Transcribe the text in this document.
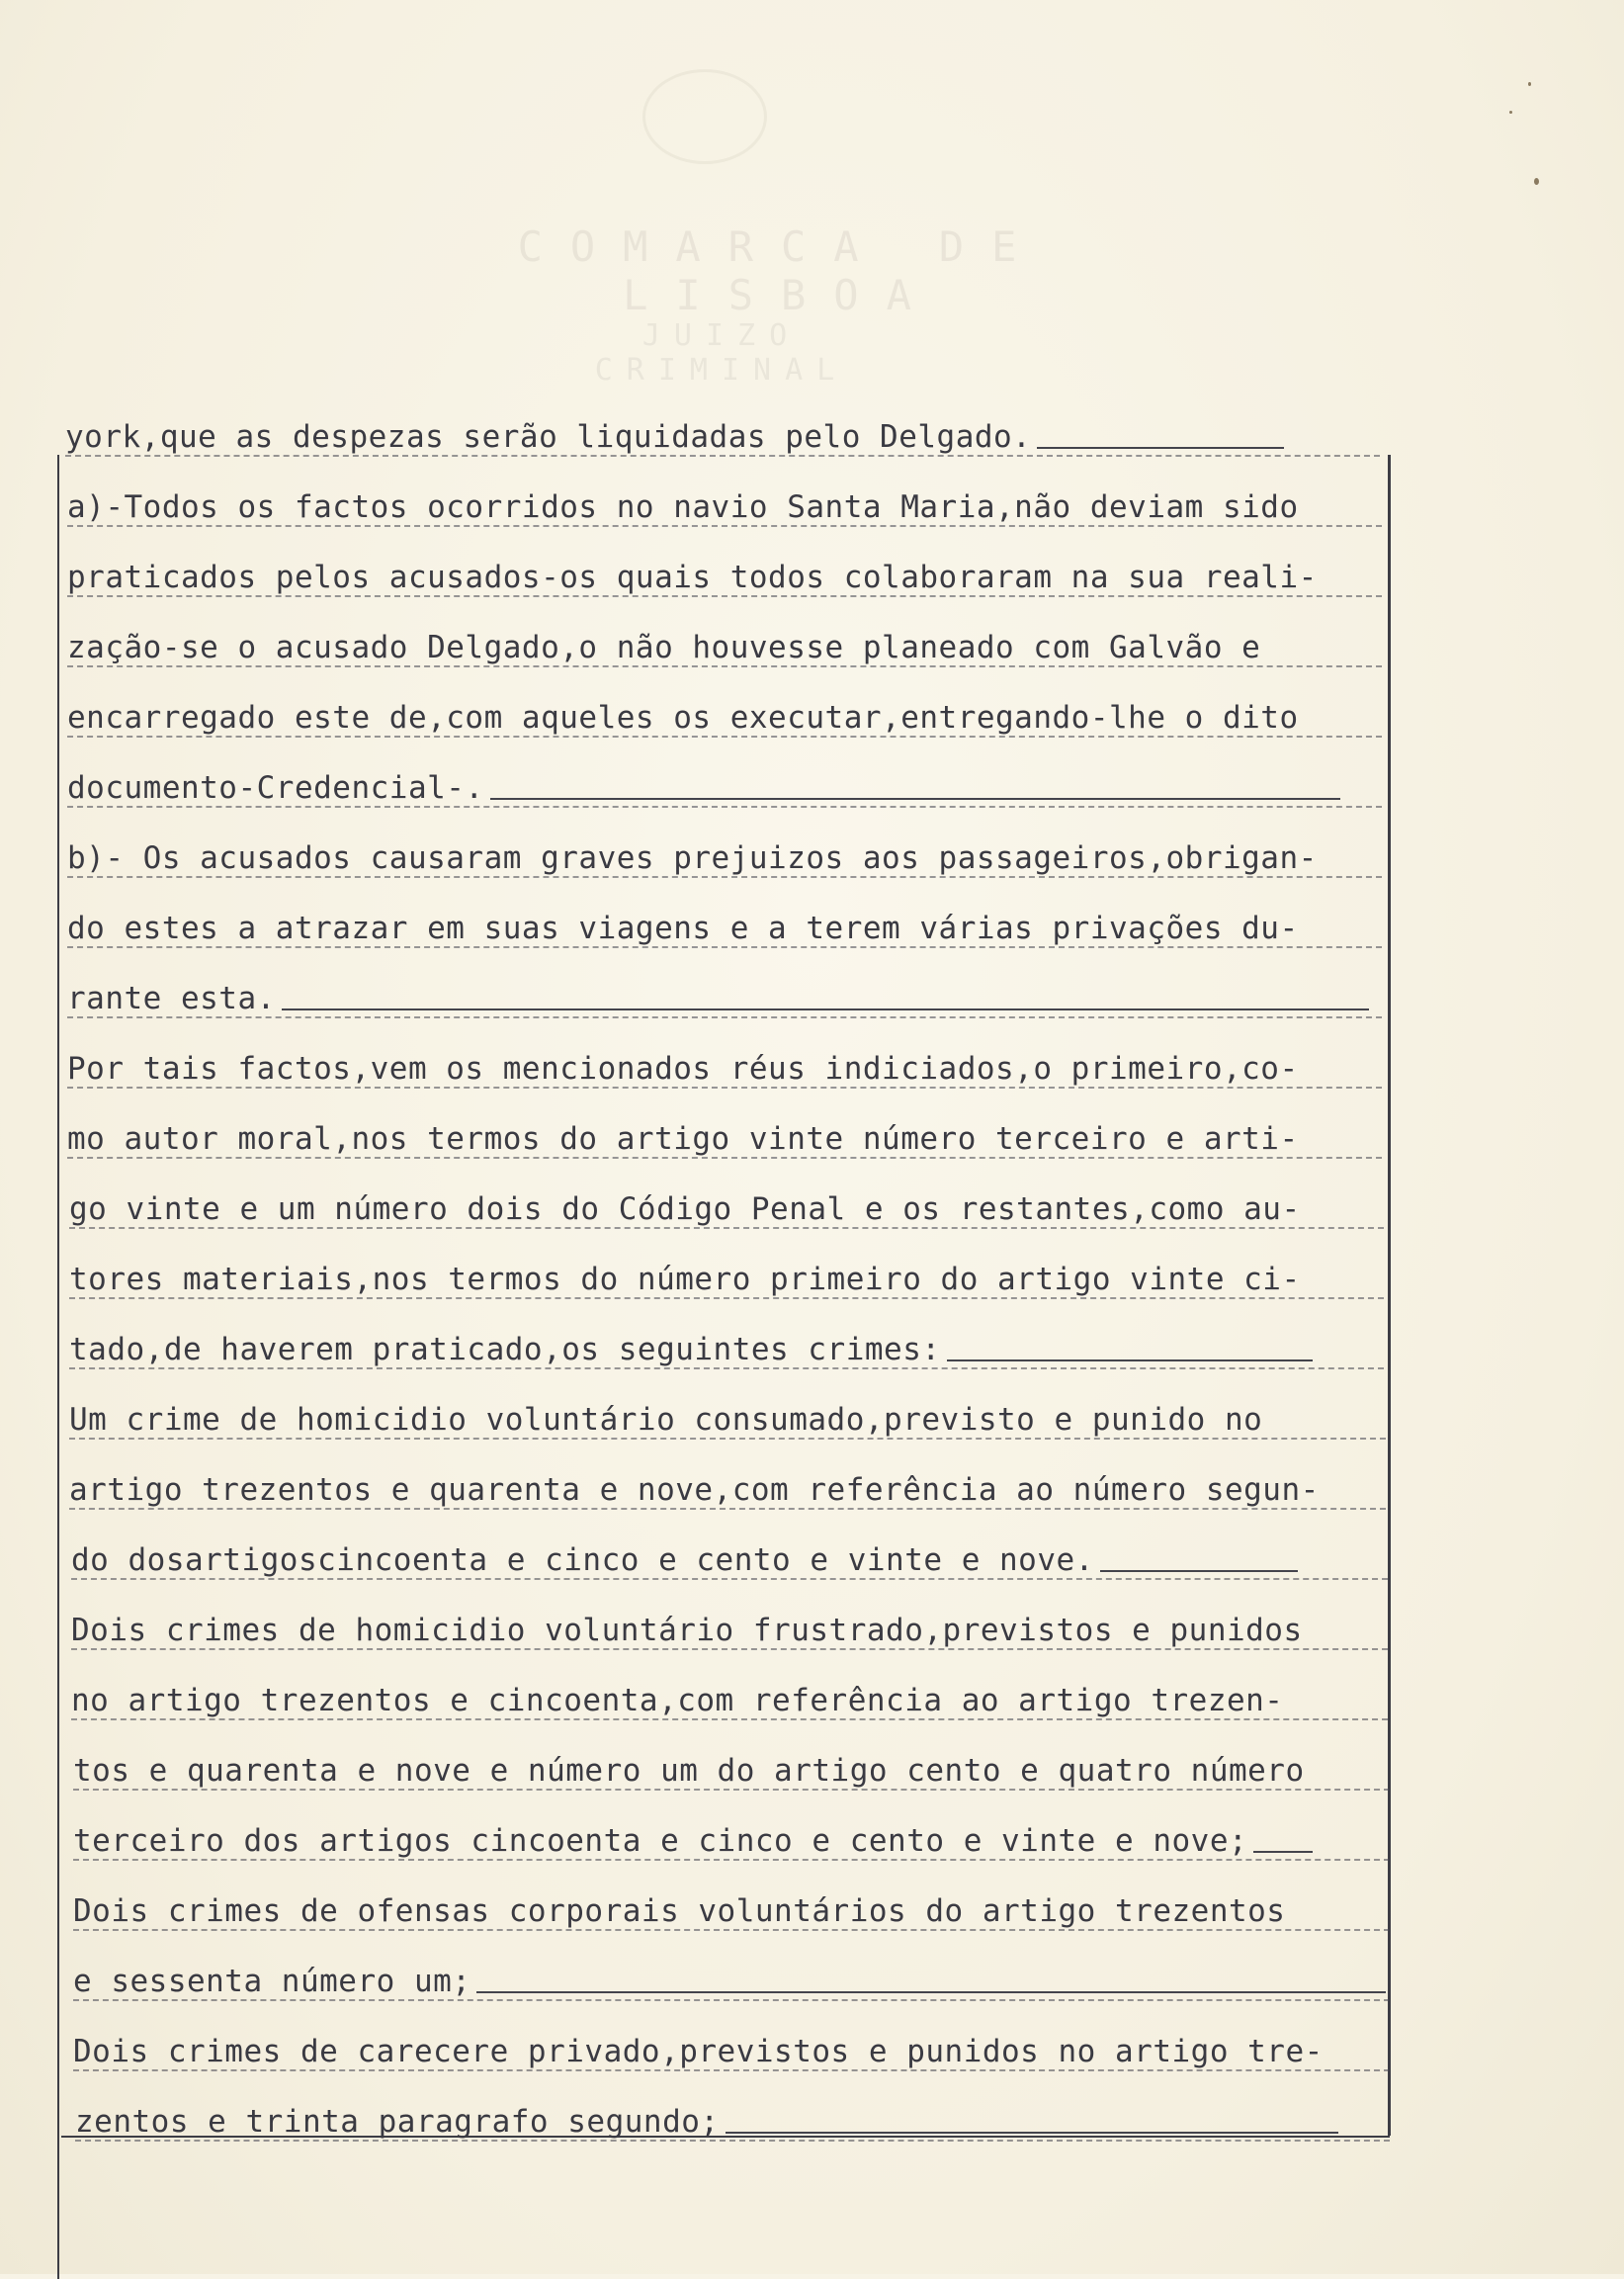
COMARCA DE LISBOA
JUIZO CRIMINAL
york,que as despezas serão liquidadas pelo Delgado.
a)-Todos os factos ocorridos no navio Santa Maria,não deviam sido
praticados pelos acusados-os quais todos colaboraram na sua reali-
zação-se o acusado Delgado,o não houvesse planeado com Galvão e
encarregado este de,com aqueles os executar,entregando-lhe o dito
documento-Credencial-.
b)- Os acusados causaram graves prejuizos aos passageiros,obrigan-
do estes a atrazar em suas viagens e a terem várias privações du-
rante esta.
Por tais factos,vem os mencionados réus indiciados,o primeiro,co-
mo autor moral,nos termos do artigo vinte número terceiro e arti-
go vinte e um número dois do Código Penal e os restantes,como au-
tores materiais,nos termos do número primeiro do artigo vinte ci-
tado,de haverem praticado,os seguintes crimes:
Um crime de homicidio voluntário consumado,previsto e punido no
artigo trezentos e quarenta e nove,com referência ao número segun-
do dosartigoscincoenta e cinco e cento e vinte e nove.
Dois crimes de homicidio voluntário frustrado,previstos e punidos
no artigo trezentos e cincoenta,com referência ao artigo trezen-
tos e quarenta e nove e número um do artigo cento e quatro número
terceiro dos artigos cincoenta e cinco e cento e vinte e nove;
Dois crimes de ofensas corporais voluntários do artigo trezentos
e sessenta número um;
Dois crimes de carecere privado,previstos e punidos no artigo tre-
zentos e trinta paragrafo segundo;
